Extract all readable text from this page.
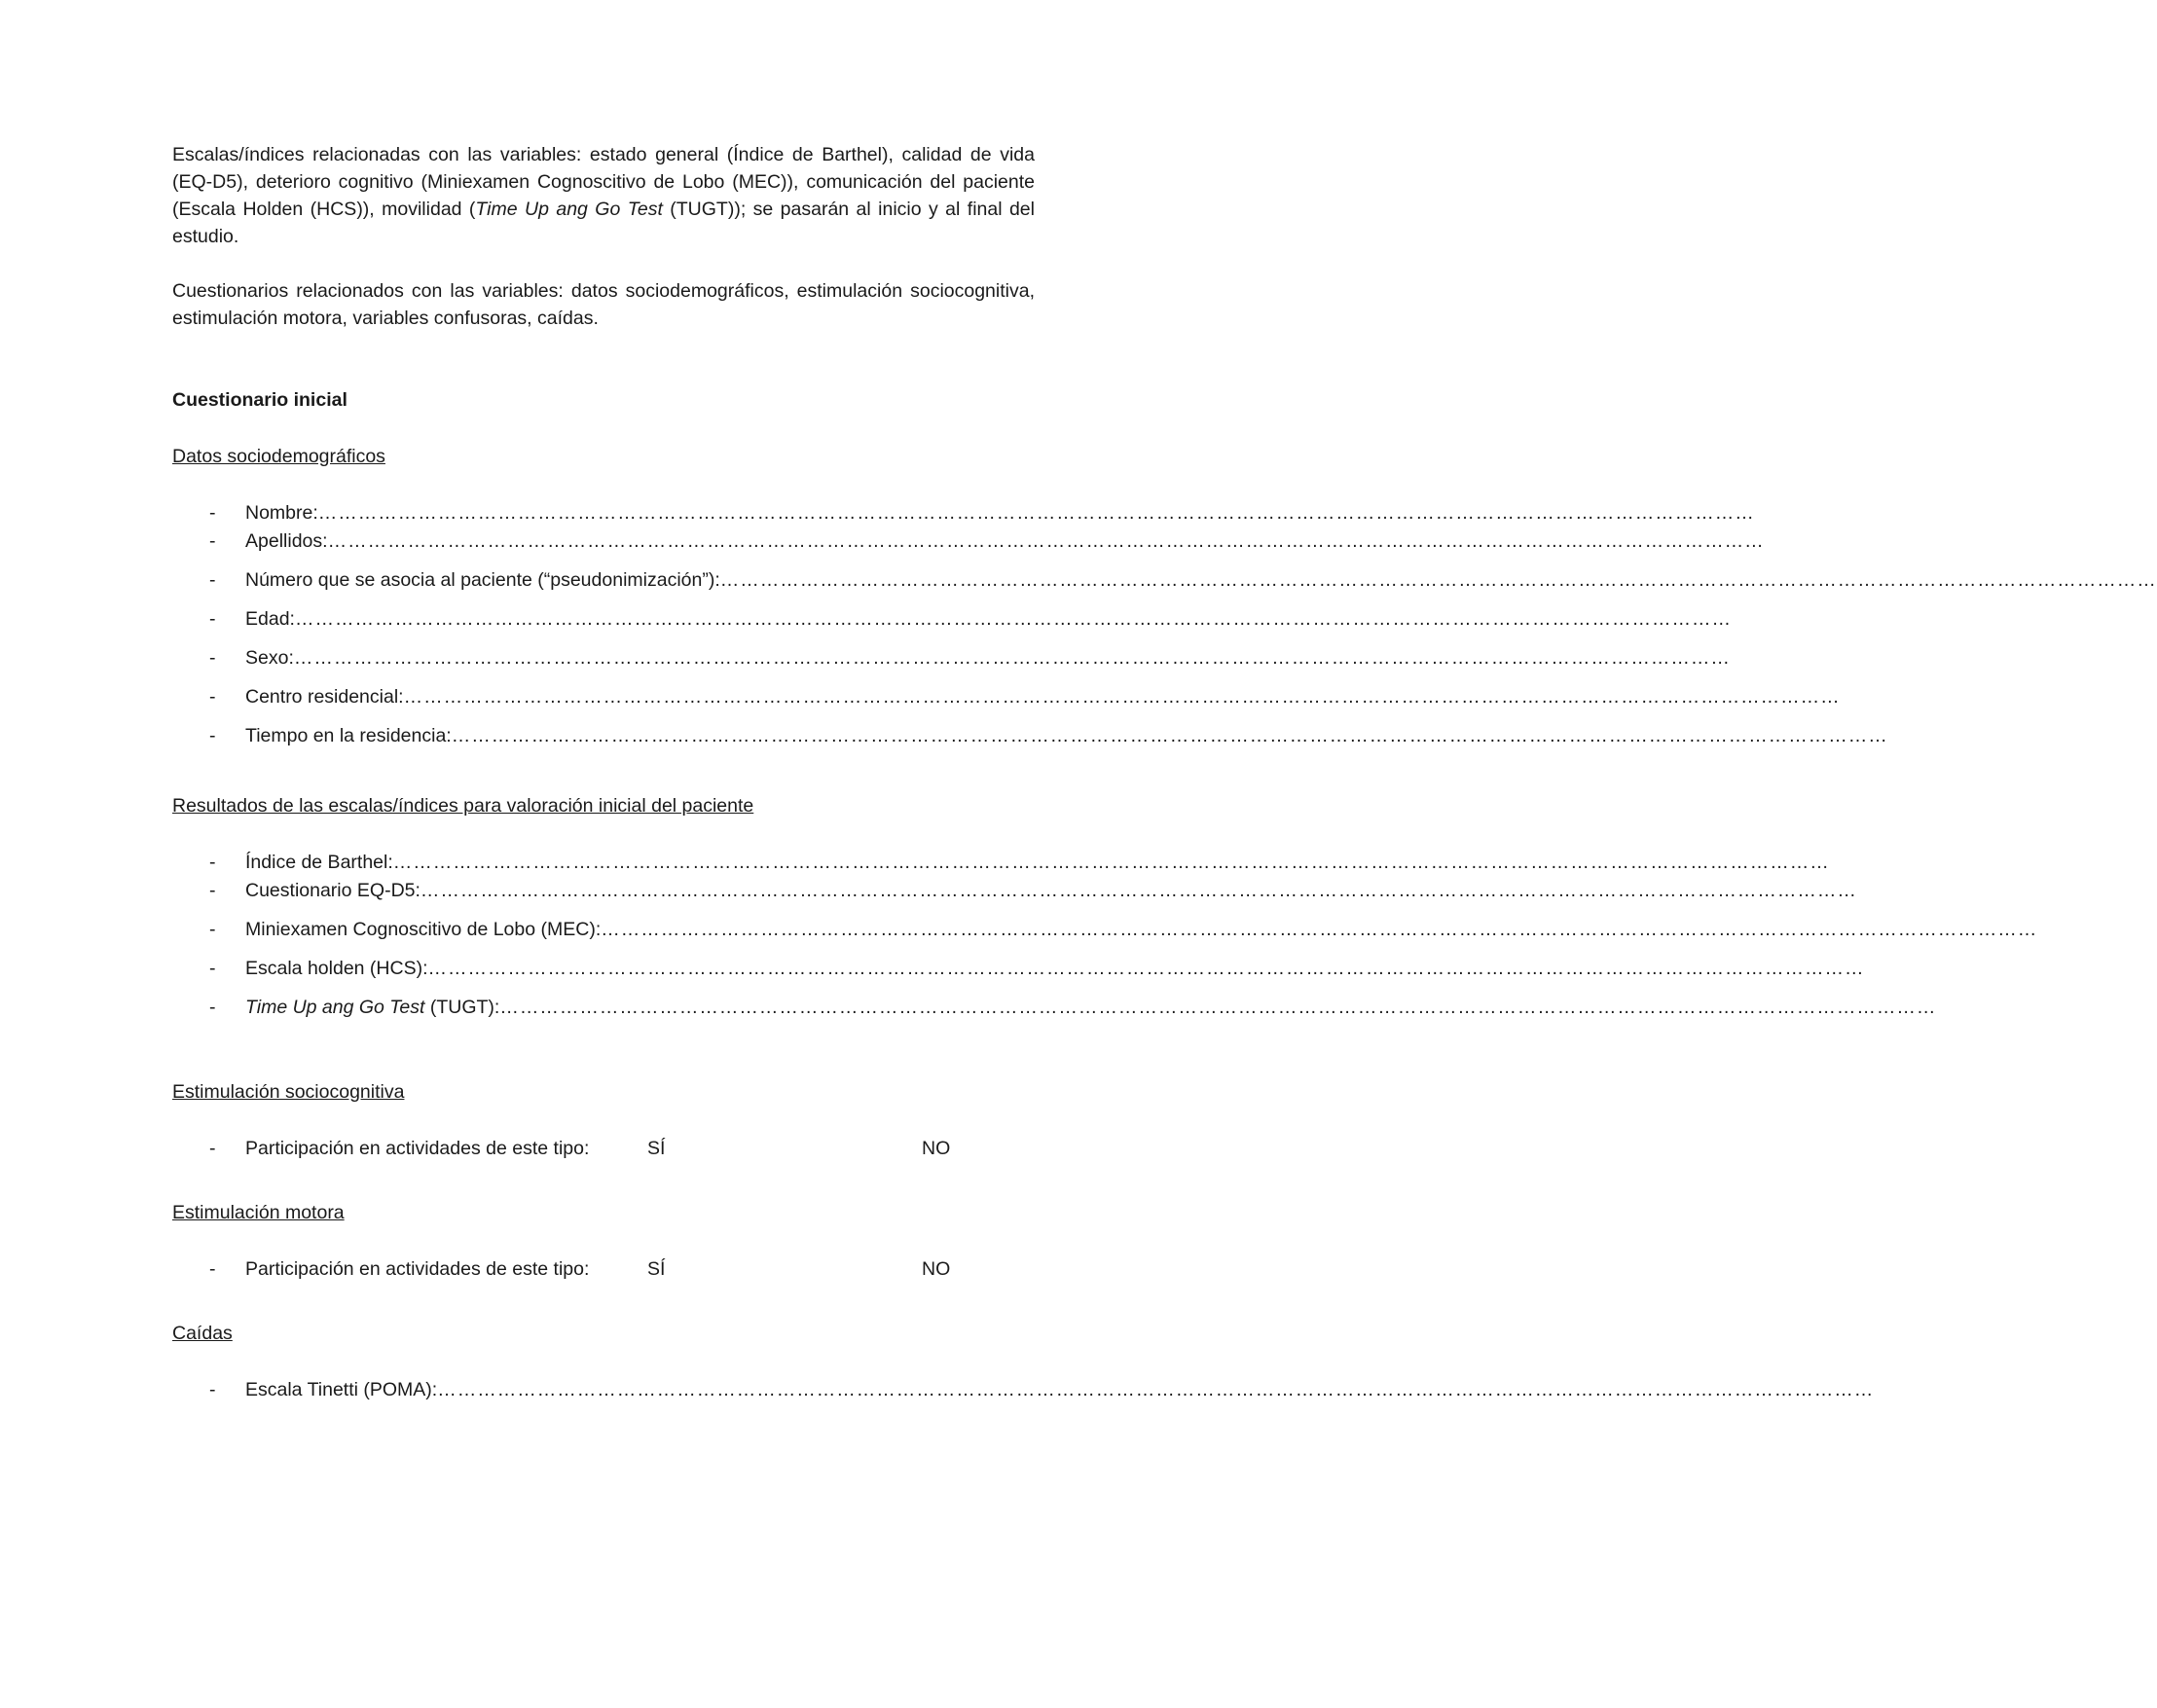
Escalas/índices relacionadas con las variables: estado general (Índice de Barthel), calidad de vida (EQ-D5), deterioro cognitivo (Miniexamen Cognoscitivo de Lobo (MEC)), comunicación del paciente (Escala Holden (HCS)), movilidad (Time Up ang Go Test (TUGT)); se pasarán al inicio y al final del estudio.

Cuestionarios relacionados con las variables: datos sociodemográficos, estimulación sociocognitiva, estimulación motora, variables confusoras, caídas.

Cuestionario inicial

Datos sociodemográficos

- Nombre: ………………………………………………………………………………………………………………………………………………………………………………………………
- Apellidos: ………………………………………………………………………………………………………………………………………………………………………………………………
- Número que se asocia al paciente (“pseudonimización”): ………………………………………………………………………………………………………………………………………………………………………………………………
- Edad: ………………………………………………………………………………………………………………………………………………………………………………………………
- Sexo: ………………………………………………………………………………………………………………………………………………………………………………………………
- Centro residencial: ………………………………………………………………………………………………………………………………………………………………………………………………
- Tiempo en la residencia: ………………………………………………………………………………………………………………………………………………………………………………………………

Resultados de las escalas/índices para valoración inicial del paciente

- Índice de Barthel: ………………………………………………………………………………………………………………………………………………………………………………………………
- Cuestionario EQ-D5: ………………………………………………………………………………………………………………………………………………………………………………………………
- Miniexamen Cognoscitivo de Lobo (MEC): ………………………………………………………………………………………………………………………………………………………………………………………………
- Escala holden (HCS): ………………………………………………………………………………………………………………………………………………………………………………………………
- Time Up ang Go Test (TUGT): ………………………………………………………………………………………………………………………………………………………………………………………………

Estimulación sociocognitiva

- Participación en actividades de este tipo:	SÍ	NO

Estimulación motora

- Participación en actividades de este tipo:	SÍ	NO

Caídas

- Escala Tinetti (POMA): ………………………………………………………………………………………………………………………………………………………………………………………………
